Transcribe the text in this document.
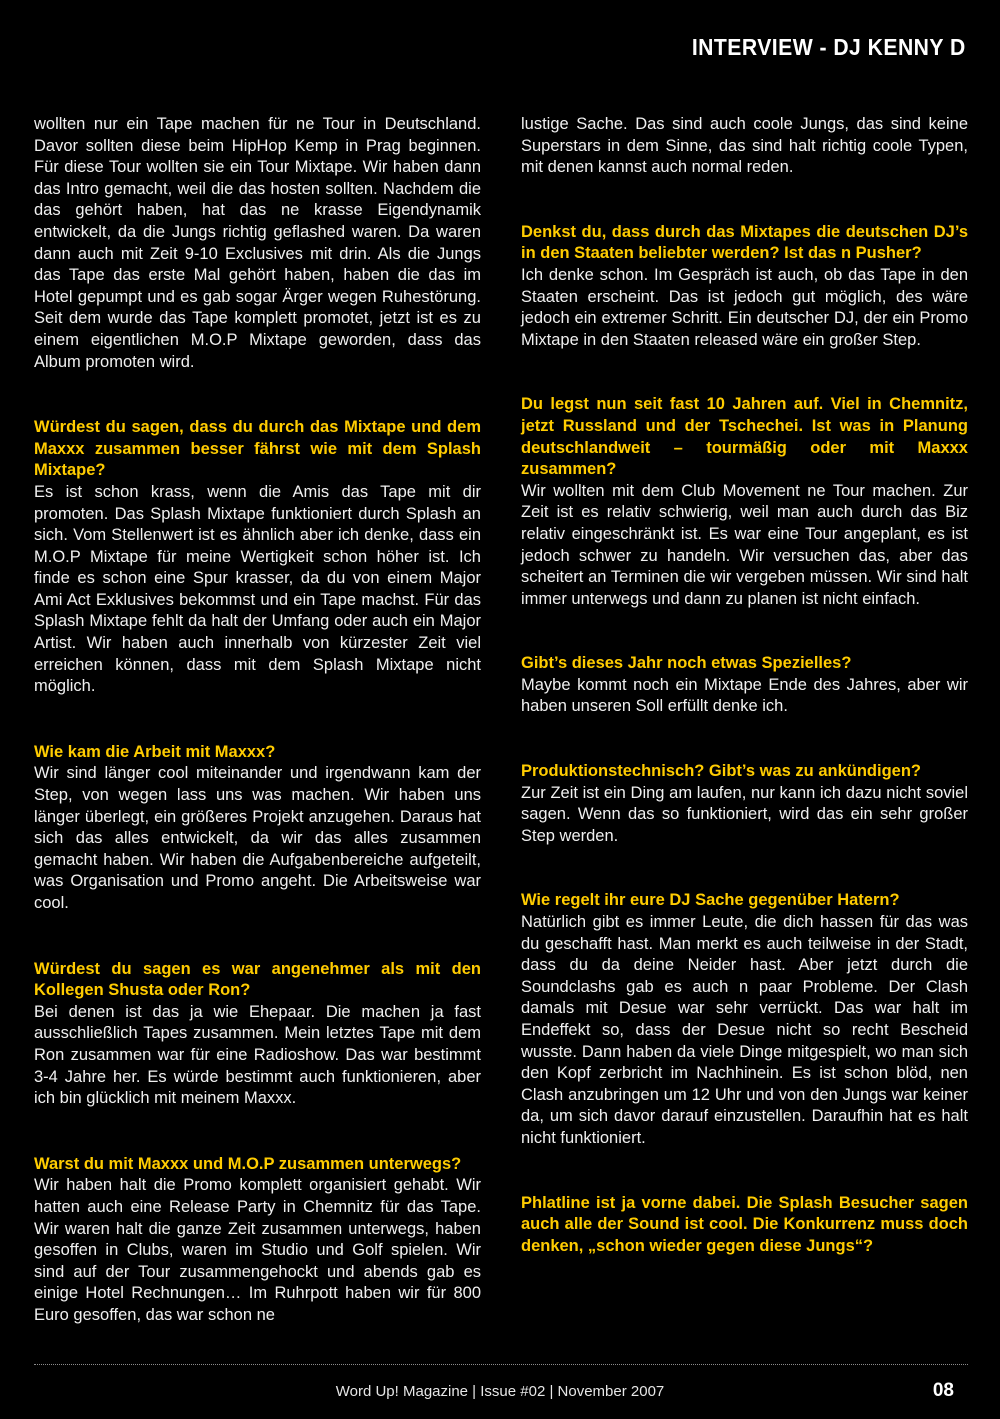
INTERVIEW - DJ KENNY D

wollten nur ein Tape machen für ne Tour in Deutschland. Davor sollten diese beim HipHop Kemp in Prag beginnen. Für diese Tour wollten sie ein Tour Mixtape. Wir haben dann das Intro gemacht, weil die das hosten sollten. Nachdem die das gehört haben, hat das ne krasse Eigendynamik entwickelt, da die Jungs richtig geflashed waren. Da waren dann auch mit Zeit 9-10 Exclusives mit drin. Als die Jungs das Tape das erste Mal gehört haben, haben die das im Hotel gepumpt und es gab sogar Ärger wegen Ruhestörung. Seit dem wurde das Tape komplett promotet, jetzt ist es zu einem eigentlichen M.O.P Mixtape geworden, dass das Album promoten wird.

Würdest du sagen, dass du durch das Mixtape und dem Maxxx zusammen besser fährst wie mit dem Splash Mixtape?

Es ist schon krass, wenn die Amis das Tape mit dir promoten. Das Splash Mixtape funktioniert durch Splash an sich. Vom Stellenwert ist es ähnlich aber ich denke, dass ein M.O.P Mixtape für meine Wertigkeit schon höher ist. Ich finde es schon eine Spur krasser, da du von einem Major Ami Act Exklusives bekommst und ein Tape machst. Für das Splash Mixtape fehlt da halt der Umfang oder auch ein Major Artist. Wir haben auch innerhalb von kürzester Zeit viel erreichen können, dass mit dem Splash Mixtape nicht möglich.

Wie kam die Arbeit mit Maxxx?

Wir sind länger cool miteinander und irgendwann kam der Step, von wegen lass uns was machen. Wir haben uns länger überlegt, ein größeres Projekt anzugehen. Daraus hat sich das alles entwickelt, da wir das alles zusammen gemacht haben. Wir haben die Aufgabenbereiche aufgeteilt, was Organisation und Promo angeht. Die Arbeitsweise war cool.

Würdest du sagen es war angenehmer als mit den Kollegen Shusta oder Ron?

Bei denen ist das ja wie Ehepaar. Die machen ja fast ausschließlich Tapes zusammen. Mein letztes Tape mit dem Ron zusammen war für eine Radioshow. Das war bestimmt 3-4 Jahre her. Es würde bestimmt auch funktionieren, aber ich bin glücklich mit meinem Maxxx.

Warst du mit Maxxx und M.O.P zusammen unterwegs?

Wir haben halt die Promo komplett organisiert gehabt. Wir hatten auch eine Release Party in Chemnitz für das Tape. Wir waren halt die ganze Zeit zusammen unterwegs, haben gesoffen in Clubs, waren im Studio und Golf spielen. Wir sind auf der Tour zusammengehockt und abends gab es einige Hotel Rechnungen… Im Ruhrpott haben wir für 800 Euro gesoffen, das war schon ne

lustige Sache. Das sind auch coole Jungs, das sind keine Superstars in dem Sinne, das sind halt richtig coole Typen, mit denen kannst auch normal reden.

Denkst du, dass durch das Mixtapes die deutschen DJ’s in den Staaten beliebter werden? Ist das n Pusher?

Ich denke schon. Im Gespräch ist auch, ob das Tape in den Staaten erscheint. Das ist jedoch gut möglich, des wäre jedoch ein extremer Schritt. Ein deutscher DJ, der ein Promo Mixtape in den Staaten released wäre ein großer Step.

Du legst nun seit fast 10 Jahren auf. Viel in Chemnitz, jetzt Russland und der Tschechei. Ist was in Planung deutschlandweit – tourmäßig oder mit Maxxx zusammen?

Wir wollten mit dem Club Movement ne Tour machen. Zur Zeit ist es relativ schwierig, weil man auch durch das Biz relativ eingeschränkt ist. Es war eine Tour angeplant, es ist jedoch schwer zu handeln. Wir versuchen das, aber das scheitert an Terminen die wir vergeben müssen. Wir sind halt immer unterwegs und dann zu planen ist nicht einfach.

Gibt’s dieses Jahr noch etwas Spezielles?

Maybe kommt noch ein Mixtape Ende des Jahres, aber wir haben unseren Soll erfüllt denke ich.

Produktionstechnisch? Gibt’s was zu ankündigen?

Zur Zeit ist ein Ding am laufen, nur kann ich dazu nicht soviel sagen. Wenn das so funktioniert, wird das ein sehr großer Step werden.

Wie regelt ihr eure DJ Sache gegenüber Hatern?

Natürlich gibt es immer Leute, die dich hassen für das was du geschafft hast. Man merkt es auch teilweise in der Stadt, dass du da deine Neider hast. Aber jetzt durch die Soundclashs gab es auch n paar Probleme. Der Clash damals mit Desue war sehr verrückt. Das war halt im Endeffekt so, dass der Desue nicht so recht Bescheid wusste. Dann haben da viele Dinge mitgespielt, wo man sich den Kopf zerbricht im Nachhinein. Es ist schon blöd, nen Clash anzubringen um 12 Uhr und von den Jungs war keiner da, um sich davor darauf einzustellen. Daraufhin hat es halt nicht funktioniert.

Phlatline ist ja vorne dabei. Die Splash Besucher sagen auch alle der Sound ist cool. Die Konkurrenz muss doch denken, „schon wieder gegen diese Jungs“?

Word Up! Magazine | Issue #02 | November 2007	08
